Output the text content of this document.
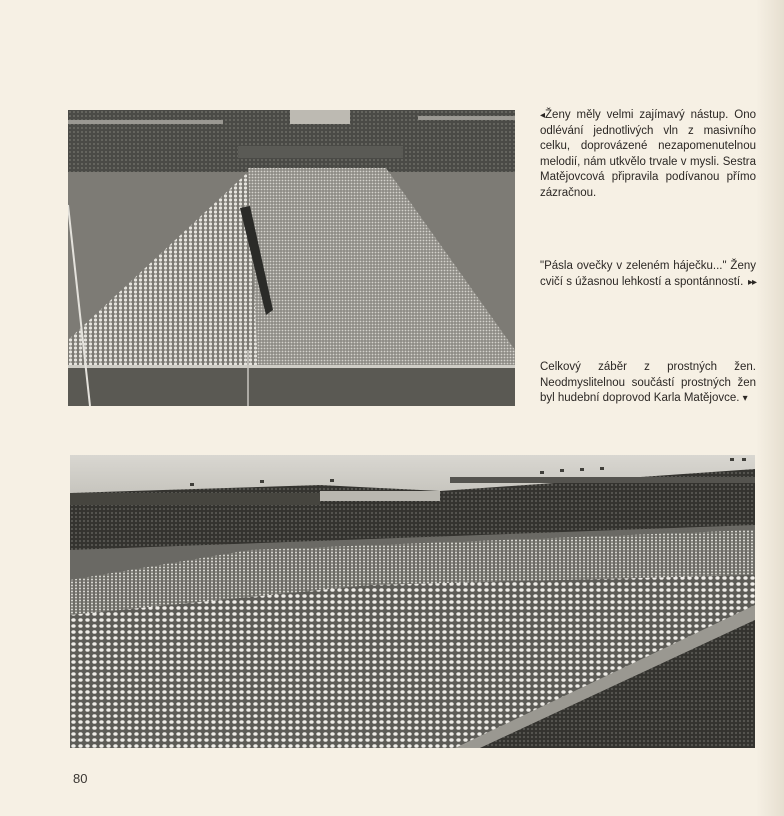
◂Ženy měly velmi zajímavý nástup. Ono odlévání jednotlivých vln z masivního celku, doprovázené nezapomenutelnou melodií, nám utkvělo trvale v mysli. Sestra Matějovcová připravila podívanou přímo zázračnou.
"Pásla ovečky v zeleném háječku..." Ženy cvičí s úžasnou lehkostí a spontánností. ▸▸
Celkový záběr z prostných žen. Neodmyslitelnou součástí prostných žen byl hudební doprovod Karla Matějovce. ▾
80
